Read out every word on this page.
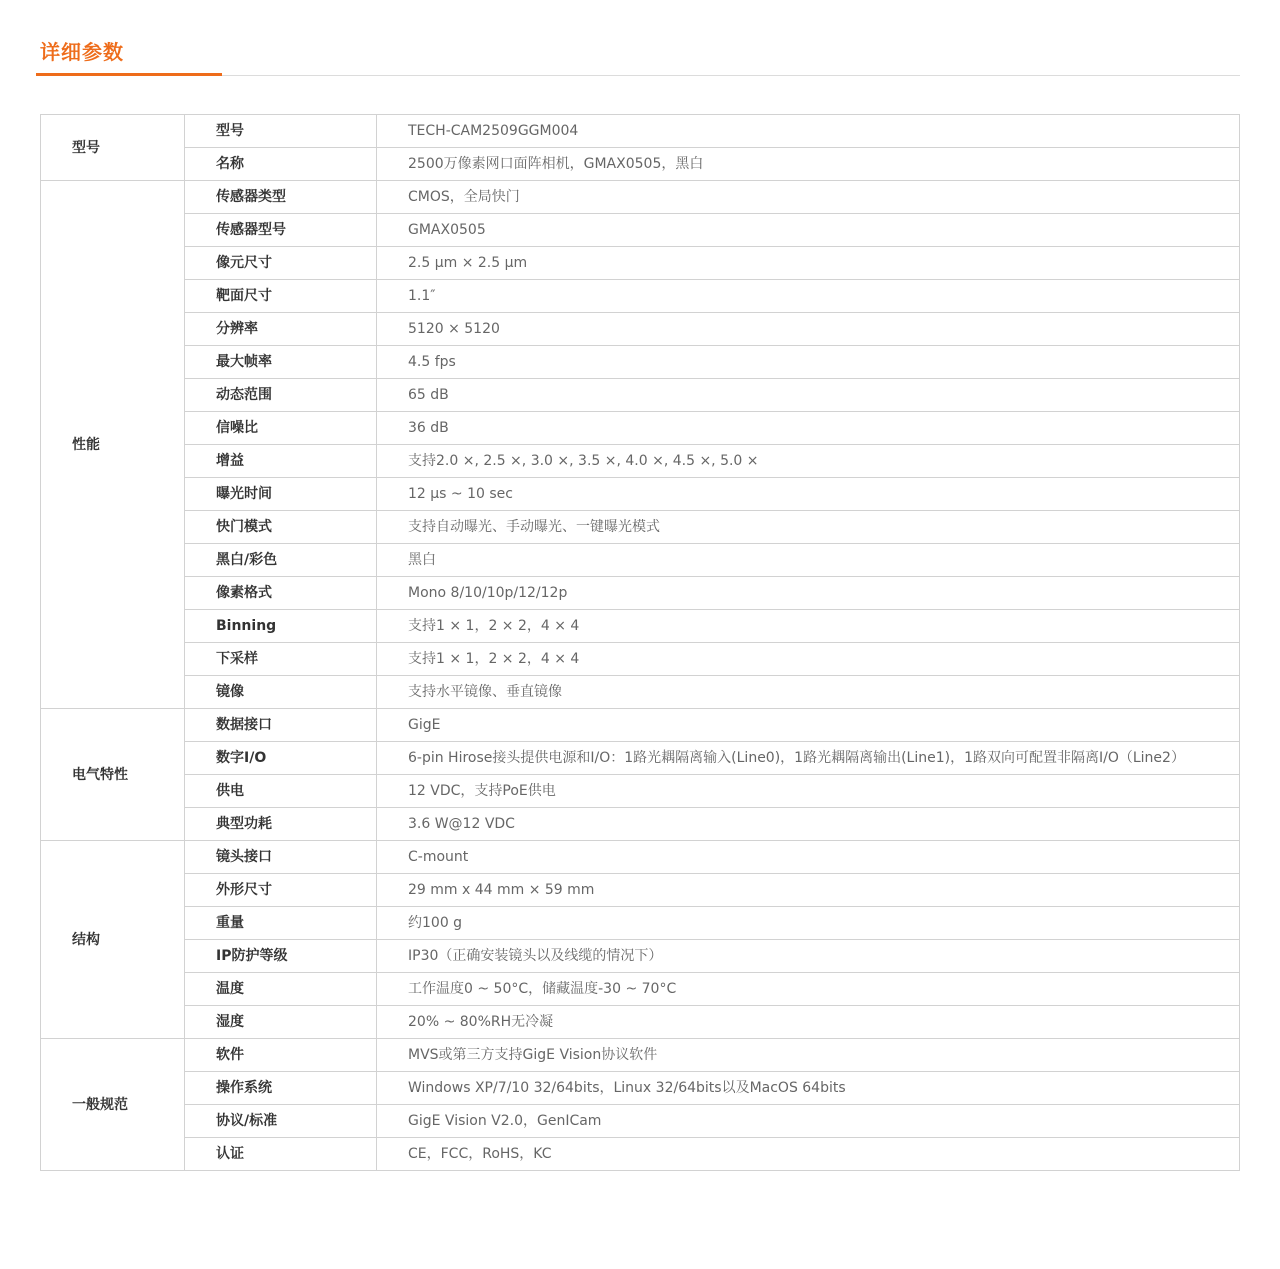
详细参数
型号	型号	TECH-CAM2509GGM004
	名称	2500万像素网口面阵相机，GMAX0505，黑白
性能	传感器类型	CMOS，全局快门
	传感器型号	GMAX0505
	像元尺寸	2.5 µm × 2.5 µm
	靶面尺寸	1.1″
	分辨率	5120 × 5120
	最大帧率	4.5 fps
	动态范围	65 dB
	信噪比	36 dB
	增益	支持2.0 ×, 2.5 ×, 3.0 ×, 3.5 ×, 4.0 ×, 4.5 ×, 5.0 ×
	曝光时间	12 μs ~ 10 sec
	快门模式	支持自动曝光、手动曝光、一键曝光模式
	黑白/彩色	黑白
	像素格式	Mono 8/10/10p/12/12p
	Binning	支持1 × 1，2 × 2，4 × 4
	下采样	支持1 × 1，2 × 2，4 × 4
	镜像	支持水平镜像、垂直镜像
电气特性	数据接口	GigE
	数字I/O	6-pin Hirose接头提供电源和I/O：1路光耦隔离输入(Line0)，1路光耦隔离输出(Line1)，1路双向可配置非隔离I/O（Line2）
	供电	12 VDC，支持PoE供电
	典型功耗	3.6 W@12 VDC
结构	镜头接口	C-mount
	外形尺寸	29 mm x 44 mm × 59 mm
	重量	约100 g
	IP防护等级	IP30（正确安装镜头以及线缆的情况下）
	温度	工作温度0 ~ 50°C，储藏温度-30 ~ 70°C
	湿度	20% ~ 80%RH无冷凝
一般规范	软件	MVS或第三方支持GigE Vision协议软件
	操作系统	Windows XP/7/10 32/64bits，Linux 32/64bits以及MacOS 64bits
	协议/标准	GigE Vision V2.0，GenICam
	认证	CE，FCC，RoHS，KC
